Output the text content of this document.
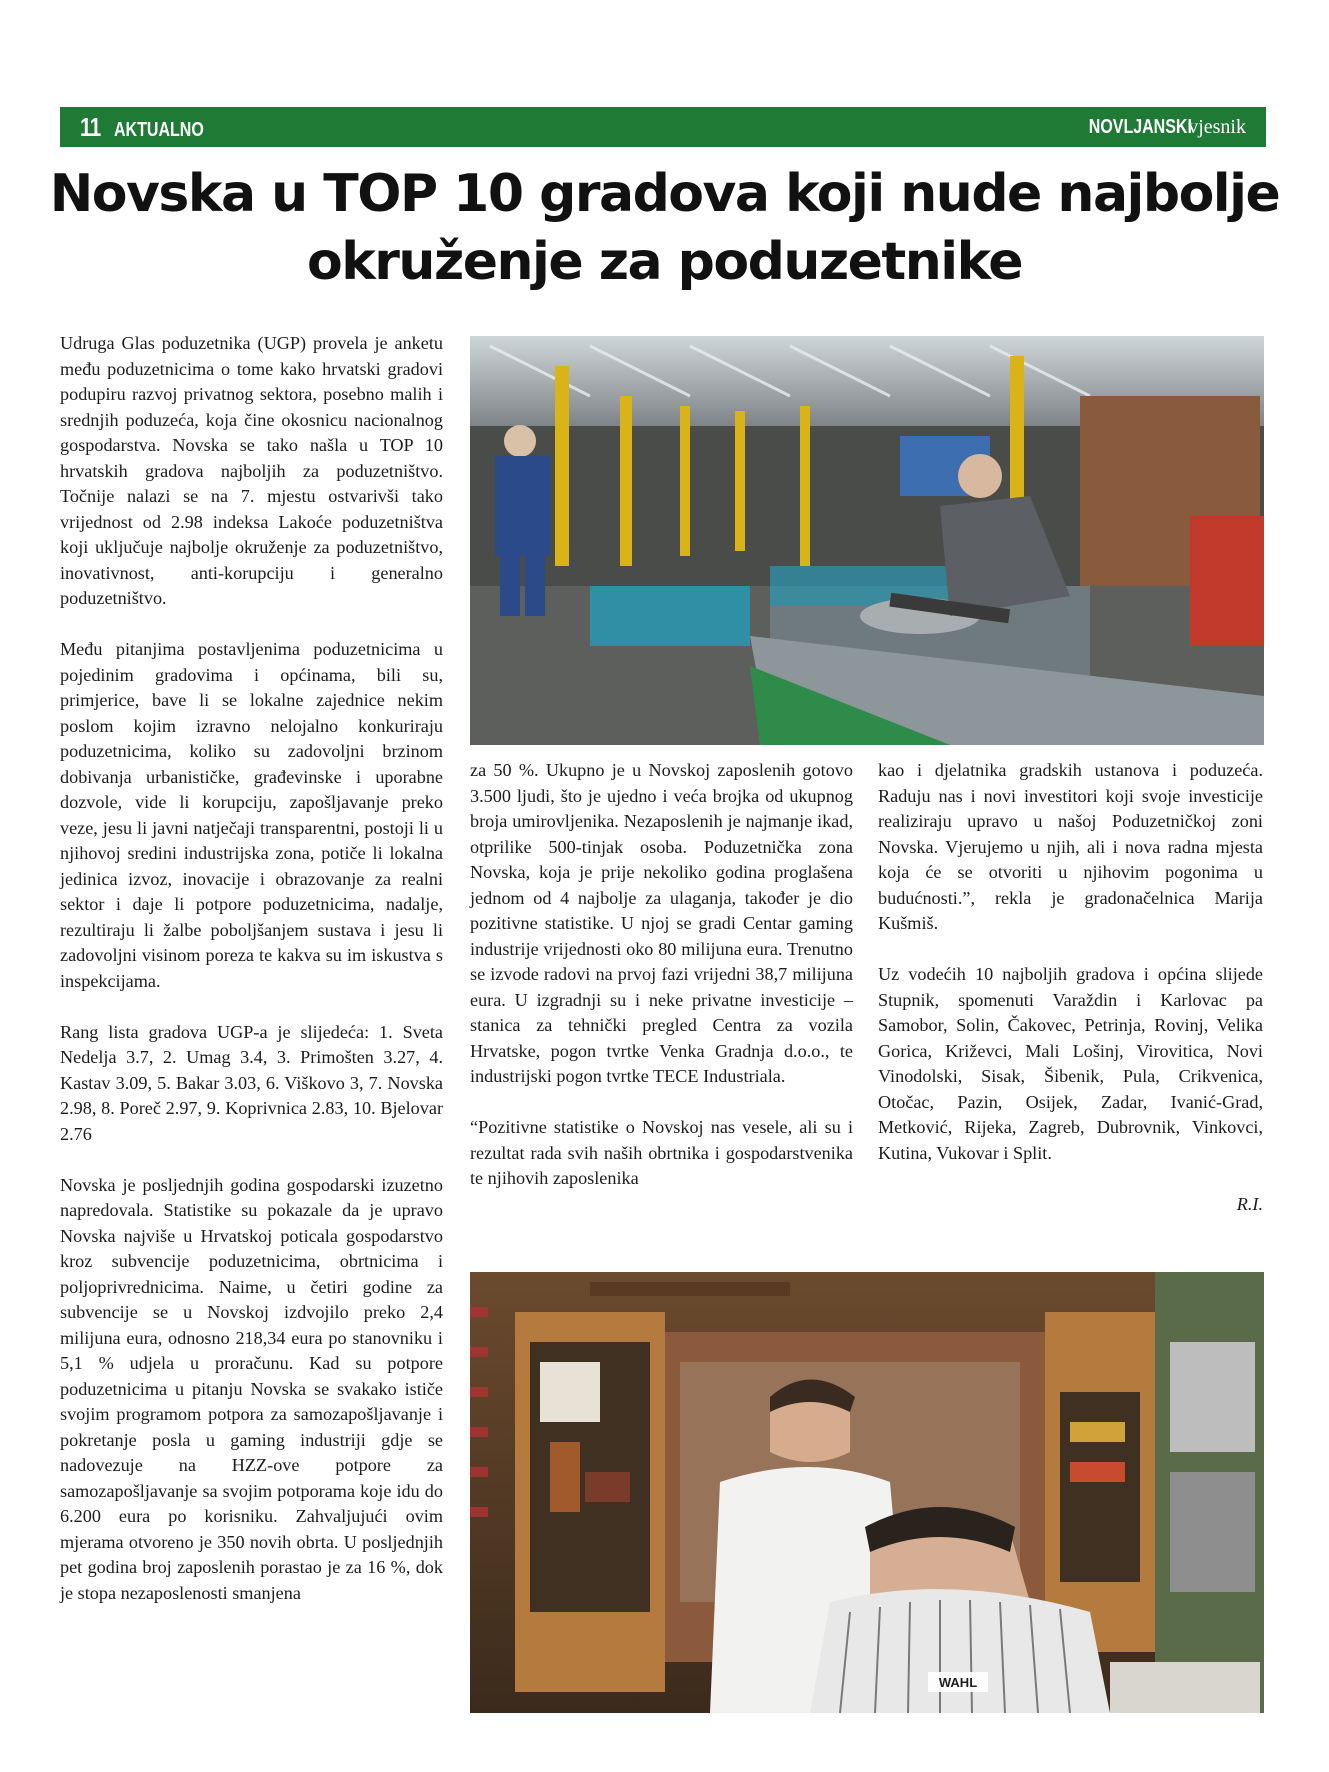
11 AKTUALNO	NOVLJANSKI
vjesnik
Novska u TOP 10 gradova koji nude najbolje okruženje za poduzetnike

Udruga Glas poduzetnika (UGP) provela je anketu među poduzetnicima o tome kako hrvatski gradovi podupiru razvoj privatnog sektora, posebno malih i srednjih poduzeća, koja čine okosnicu nacionalnog gospodarstva. Novska se tako našla u TOP 10 hrvatskih gradova najboljih za poduzetništvo. Točnije nalazi se na 7. mjestu ostvarivši tako vrijednost od 2.98 indeksa Lakoće poduzetništva koji uključuje najbolje okruženje za poduzetništvo, inovativnost, anti-korupciju i generalno poduzetništvo.

Među pitanjima postavljenima poduzetnicima u pojedinim gradovima i općinama, bili su, primjerice, bave li se lokalne zajednice nekim poslom kojim izravno nelojalno konkuriraju poduzetnicima, koliko su zadovoljni brzinom dobivanja urbanističke, građevinske i uporabne dozvole, vide li korupciju, zapošljavanje preko veze, jesu li javni natječaji transparentni, postoji li u njihovoj sredini industrijska zona, potiče li lokalna jedinica izvoz, inovacije i obrazovanje za realni sektor i daje li potpore poduzetnicima, nadalje, rezultiraju li žalbe poboljšanjem sustava i jesu li zadovoljni visinom poreza te kakva su im iskustva s inspekcijama.

Rang lista gradova UGP-a je slijedeća: 1. Sveta Nedelja 3.7, 2. Umag 3.4, 3. Primošten 3.27, 4. Kastav 3.09, 5. Bakar 3.03, 6. Viškovo 3, 7. Novska 2.98, 8. Poreč 2.97, 9. Koprivnica 2.83, 10. Bjelovar 2.76

Novska je posljednjih godina gospodarski izuzetno napredovala. Statistike su pokazale da je upravo Novska najviše u Hrvatskoj poticala gospodarstvo kroz subvencije poduzetnicima, obrtnicima i poljoprivrednicima. Naime, u četiri godine za subvencije se u Novskoj izdvojilo preko 2,4 milijuna eura, odnosno 218,34 eura po stanovniku i 5,1 % udjela u proračunu. Kad su potpore poduzetnicima u pitanju Novska se svakako ističe svojim programom potpora za samozapošljavanje i pokretanje posla u gaming industriji gdje se nadovezuje na HZZ-ove potpore za samozapošljavanje sa svojim potporama koje idu do 6.200 eura po korisniku. Zahvaljujući ovim mjerama otvoreno je 350 novih obrta. U posljednjih pet godina broj zaposlenih porastao je za 16 %, dok je stopa nezaposlenosti smanjena

za 50 %. Ukupno je u Novskoj zaposlenih gotovo 3.500 ljudi, što je ujedno i veća brojka od ukupnog broja umirovljenika. Nezaposlenih je najmanje ikad, otprilike 500-tinjak osoba. Poduzetnička zona Novska, koja je prije nekoliko godina proglašena jednom od 4 najbolje za ulaganja, također je dio pozitivne statistike. U njoj se gradi Centar gaming industrije vrijednosti oko 80 milijuna eura. Trenutno se izvode radovi na prvoj fazi vrijedni 38,7 milijuna eura. U izgradnji su i neke privatne investicije – stanica za tehnički pregled Centra za vozila Hrvatske, pogon tvrtke Venka Gradnja d.o.o., te industrijski pogon tvrtke TECE Industriala.

“Pozitivne statistike o Novskoj nas vesele, ali su i rezultat rada svih naših obrtnika i gospodarstvenika te njihovih zaposlenika

kao i djelatnika gradskih ustanova i poduzeća. Raduju nas i novi investitori koji svoje investicije realiziraju upravo u našoj Poduzetničkoj zoni Novska. Vjerujemo u njih, ali i nova radna mjesta koja će se otvoriti u njihovim pogonima u budućnosti.”, rekla je gradonačelnica Marija Kušmiš.

Uz vodećih 10 najboljih gradova i općina slijede Stupnik, spomenuti Varaždin i Karlovac pa Samobor, Solin, Čakovec, Petrinja, Rovinj, Velika Gorica, Križevci, Mali Lošinj, Virovitica, Novi Vinodolski, Sisak, Šibenik, Pula, Crikvenica, Otočac, Pazin, Osijek, Zadar, Ivanić-Grad, Metković, Rijeka, Zagreb, Dubrovnik, Vinkovci, Kutina, Vukovar i Split.

R.I.
WAHL
